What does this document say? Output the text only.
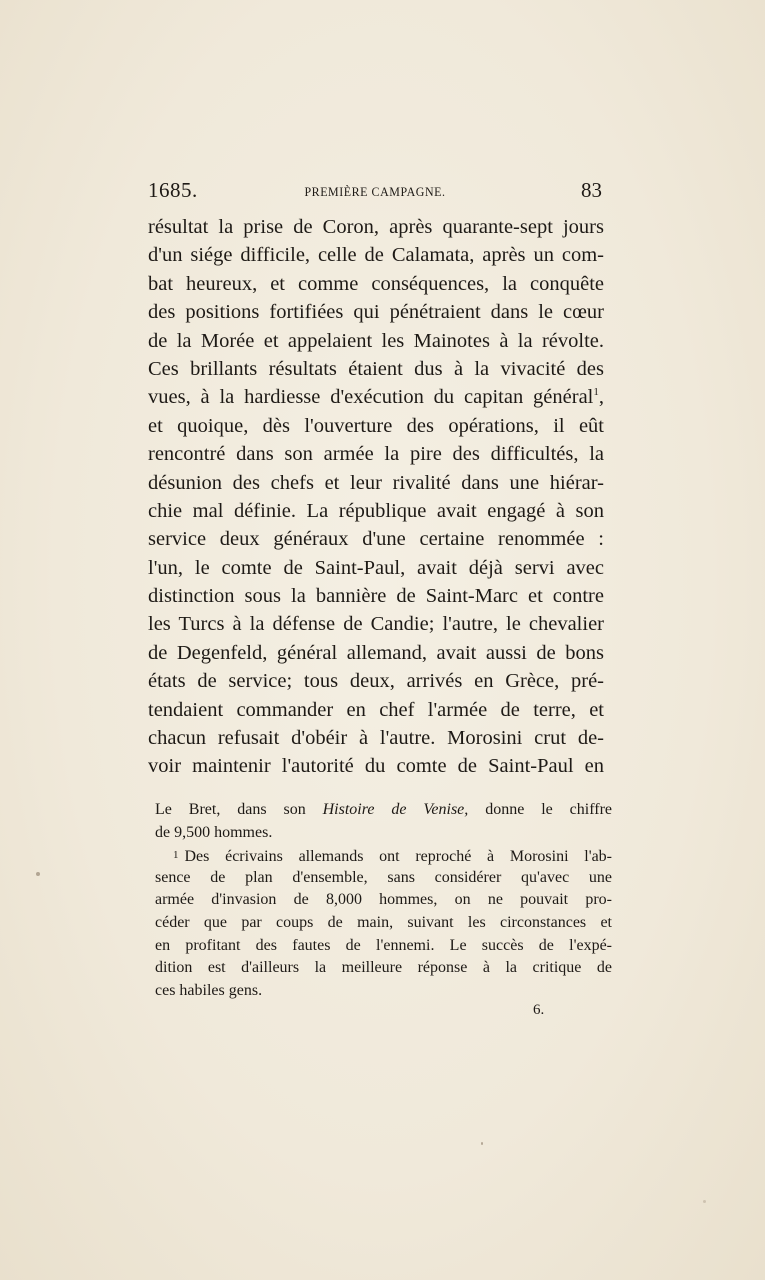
1685.	PREMIÈRE CAMPAGNE.	83
résultat la prise de Coron, après quarante-sept jours
d'un siége difficile, celle de Calamata, après un com-
bat heureux, et comme conséquences, la conquête
des positions fortifiées qui pénétraient dans le cœur
de la Morée et appelaient les Mainotes à la révolte.
Ces brillants résultats étaient dus à la vivacité des
vues, à la hardiesse d'exécution du capitan général$^1$,
et quoique, dès l'ouverture des opérations, il eût
rencontré dans son armée la pire des difficultés, la
désunion des chefs et leur rivalité dans une hiérar-
chie mal définie. La république avait engagé à son
service deux généraux d'une certaine renommée :
l'un, le comte de Saint-Paul, avait déjà servi avec
distinction sous la bannière de Saint-Marc et contre
les Turcs à la défense de Candie; l'autre, le chevalier
de Degenfeld, général allemand, avait aussi de bons
états de service; tous deux, arrivés en Grèce, pré-
tendaient commander en chef l'armée de terre, et
chacun refusait d'obéir à l'autre. Morosini crut de-
voir maintenir l'autorité du comte de Saint-Paul en
Le Bret, dans son Histoire de Venise, donne le chiffre
de 9,500 hommes.
1 Des écrivains allemands ont reproché à Morosini l'ab-
sence de plan d'ensemble, sans considérer qu'avec une
armée d'invasion de 8,000 hommes, on ne pouvait pro-
céder que par coups de main, suivant les circonstances et
en profitant des fautes de l'ennemi. Le succès de l'expé-
dition est d'ailleurs la meilleure réponse à la critique de
ces habiles gens.
6.
